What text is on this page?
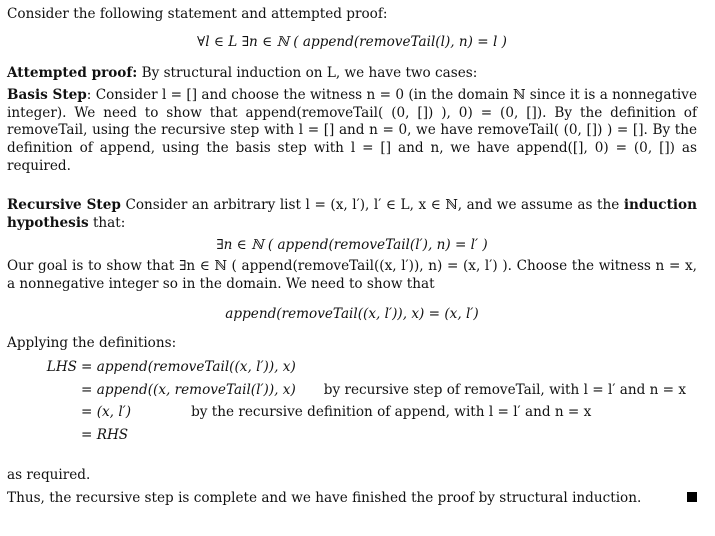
Consider the following statement and attempted proof:

∀l ∈ L ∃n ∈ ℕ ( append(removeTail(l), n) = l )

Attempted proof: By structural induction on L, we have two cases:

Basis Step: Consider l = [] and choose the witness n = 0 (in the domain ℕ since it is a nonnegative integer). We need to show that append(removeTail( (0, []) ), 0) = (0, []). By the definition of removeTail, using the recursive step with l = [] and n = 0, we have removeTail( (0, []) ) = []. By the definition of append, using the basis step with l = [] and n, we have append([], 0) = (0, []) as required.

Recursive Step Consider an arbitrary list l = (x, l′), l′ ∈ L, x ∈ ℕ, and we assume as the induction hypothesis that:

∃n ∈ ℕ ( append(removeTail(l′), n) = l′ )

Our goal is to show that ∃n ∈ ℕ ( append(removeTail((x, l′)), n) = (x, l′) ). Choose the witness n = x, a nonnegative integer so in the domain. We need to show that

append(removeTail((x, l′)), x) = (x, l′)

Applying the definitions:

LHS = append(removeTail((x, l′)), x)
= append((x, removeTail(l′)), x) by recursive step of removeTail, with l = l′ and n = x
= (x, l′)	by the recursive definition of append, with l = l′ and n = x
= RHS

as required.

Thus, the recursive step is complete and we have finished the proof by structural induction.
